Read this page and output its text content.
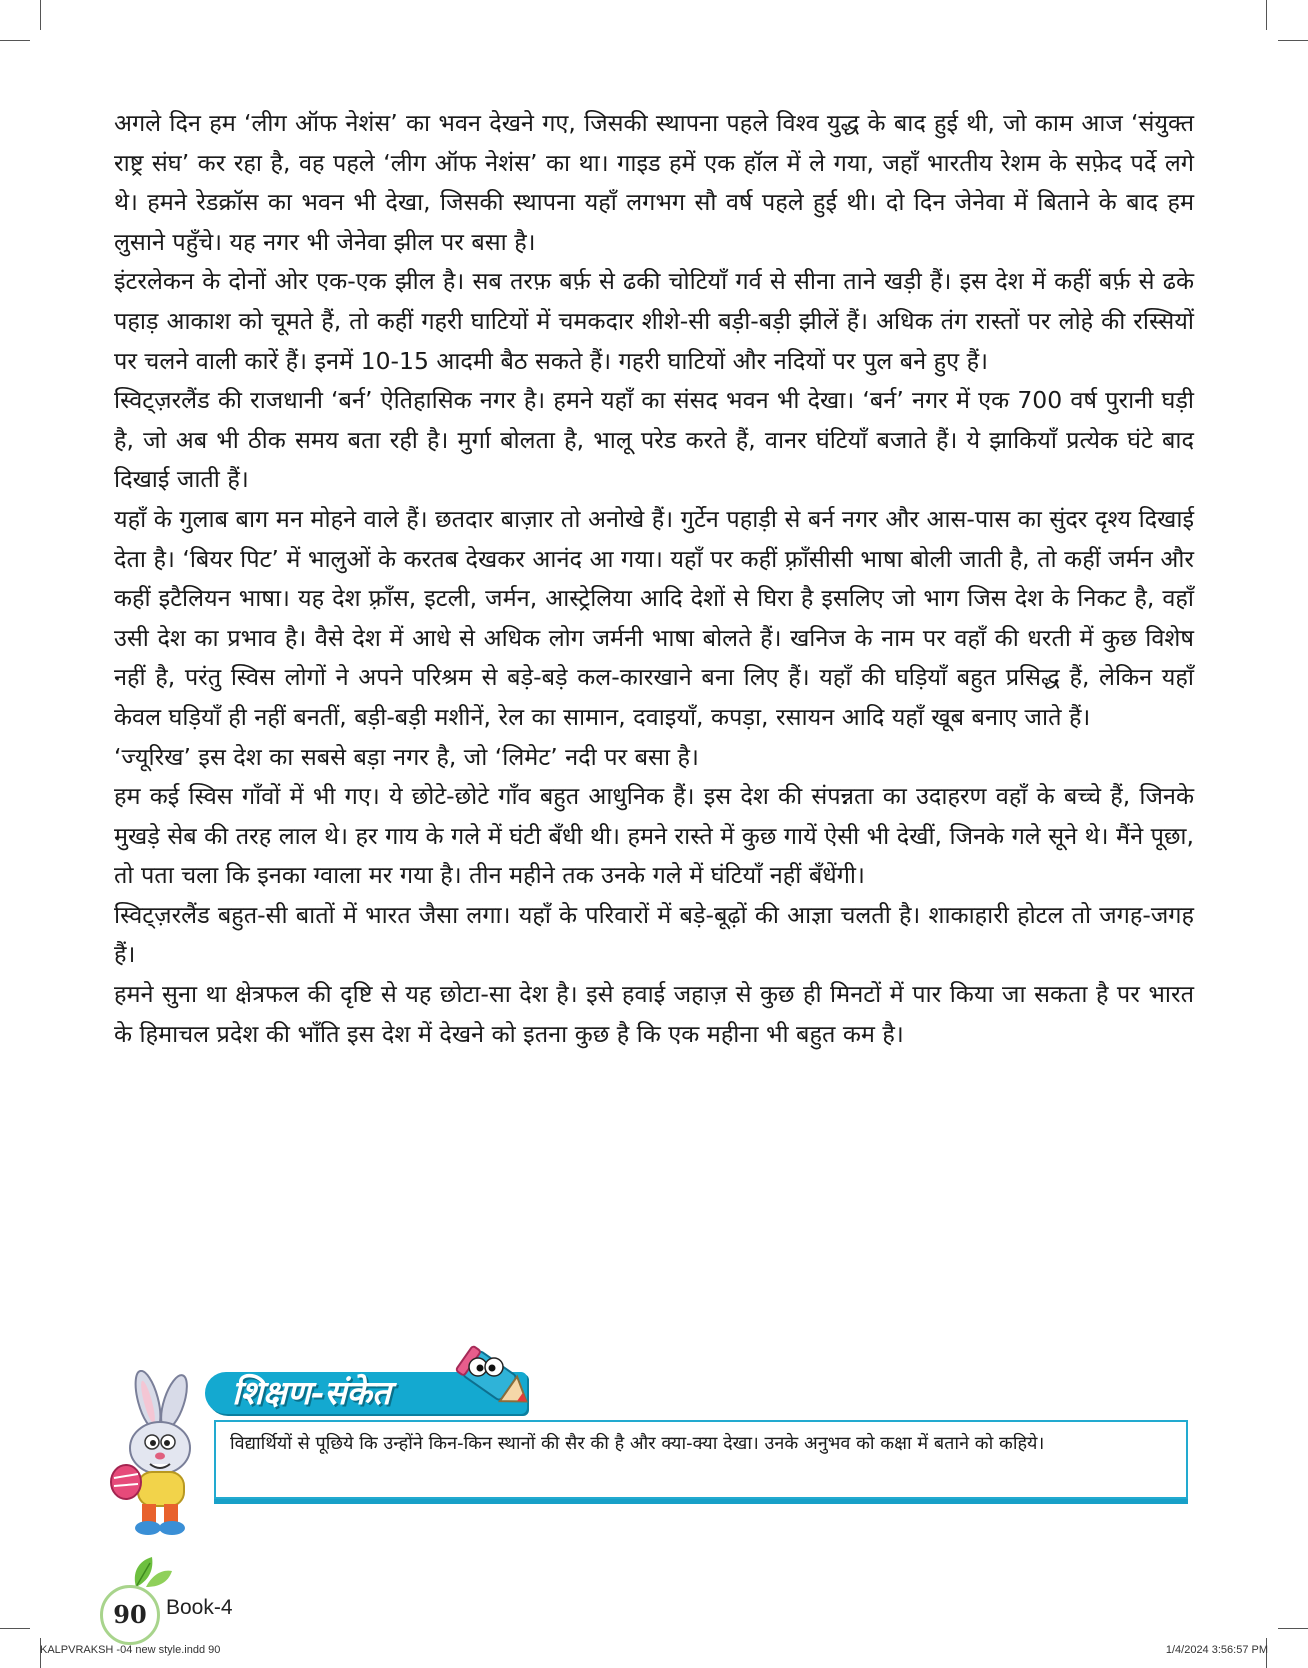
अगले दिन हम ‘लीग ऑफ नेशंस’ का भवन देखने गए, जिसकी स्थापना पहले विश्व युद्ध के बाद हुई थी, जो काम आज ‘संयुक्त राष्ट्र संघ’ कर रहा है, वह पहले ‘लीग ऑफ नेशंस’ का था। गाइड हमें एक हॉल में ले गया, जहाँ भारतीय रेशम के सफ़ेद पर्दे लगे थे। हमने रेडक्रॉस का भवन भी देखा, जिसकी स्थापना यहाँ लगभग सौ वर्ष पहले हुई थी। दो दिन जेनेवा में बिताने के बाद हम लुसाने पहुँचे। यह नगर भी जेनेवा झील पर बसा है।

इंटरलेकन के दोनों ओर एक-एक झील है। सब तरफ़ बर्फ़ से ढकी चोटियाँ गर्व से सीना ताने खड़ी हैं। इस देश में कहीं बर्फ़ से ढके पहाड़ आकाश को चूमते हैं, तो कहीं गहरी घाटियों में चमकदार शीशे-सी बड़ी-बड़ी झीलें हैं। अधिक तंग रास्तों पर लोहे की रस्सियों पर चलने वाली कारें हैं। इनमें 10-15 आदमी बैठ सकते हैं। गहरी घाटियों और नदियों पर पुल बने हुए हैं।

स्विट्ज़रलैंड की राजधानी ‘बर्न’ ऐतिहासिक नगर है। हमने यहाँ का संसद भवन भी देखा। ‘बर्न’ नगर में एक 700 वर्ष पुरानी घड़ी है, जो अब भी ठीक समय बता रही है। मुर्गा बोलता है, भालू परेड करते हैं, वानर घंटियाँ बजाते हैं। ये झाकियाँ प्रत्येक घंटे बाद दिखाई जाती हैं।

यहाँ के गुलाब बाग मन मोहने वाले हैं। छतदार बाज़ार तो अनोखे हैं। गुर्टेन पहाड़ी से बर्न नगर और आस-पास का सुंदर दृश्य दिखाई देता है। ‘बियर पिट’ में भालुओं के करतब देखकर आनंद आ गया। यहाँ पर कहीं फ़्राँसीसी भाषा बोली जाती है, तो कहीं जर्मन और कहीं इटैलियन भाषा। यह देश फ़्राँस, इटली, जर्मन, आस्ट्रेलिया आदि देशों से घिरा है इसलिए जो भाग जिस देश के निकट है, वहाँ उसी देश का प्रभाव है। वैसे देश में आधे से अधिक लोग जर्मनी भाषा बोलते हैं। खनिज के नाम पर वहाँ की धरती में कुछ विशेष नहीं है, परंतु स्विस लोगों ने अपने परिश्रम से बड़े-बड़े कल-कारखाने बना लिए हैं। यहाँ की घड़ियाँ बहुत प्रसिद्ध हैं, लेकिन यहाँ केवल घड़ियाँ ही नहीं बनतीं, बड़ी-बड़ी मशीनें, रेल का सामान, दवाइयाँ, कपड़ा, रसायन आदि यहाँ खूब बनाए जाते हैं।

‘ज्यूरिख’ इस देश का सबसे बड़ा नगर है, जो ‘लिमेट’ नदी पर बसा है।

हम कई स्विस गाँवों में भी गए। ये छोटे-छोटे गाँव बहुत आधुनिक हैं। इस देश की संपन्नता का उदाहरण वहाँ के बच्चे हैं, जिनके मुखड़े सेब की तरह लाल थे। हर गाय के गले में घंटी बँधी थी। हमने रास्ते में कुछ गायें ऐसी भी देखीं, जिनके गले सूने थे। मैंने पूछा, तो पता चला कि इनका ग्वाला मर गया है। तीन महीने तक उनके गले में घंटियाँ नहीं बँधेंगी।

स्विट्ज़रलैंड बहुत-सी बातों में भारत जैसा लगा। यहाँ के परिवारों में बड़े-बूढ़ों की आज्ञा चलती है। शाकाहारी होटल तो जगह-जगह हैं।

हमने सुना था क्षेत्रफल की दृष्टि से यह छोटा-सा देश है। इसे हवाई जहाज़ से कुछ ही मिनटों में पार किया जा सकता है पर भारत के हिमाचल प्रदेश की भाँति इस देश में देखने को इतना कुछ है कि एक महीना भी बहुत कम है।

शिक्षण-संकेत
विद्यार्थियों से पूछिये कि उन्होंने किन-किन स्थानों की सैर की है और क्या-क्या देखा। उनके अनुभव को कक्षा में बताने को कहिये।
90 Book-4
KALPVRAKSH -04 new style.indd 90	1/4/2024 3:56:57 PM
